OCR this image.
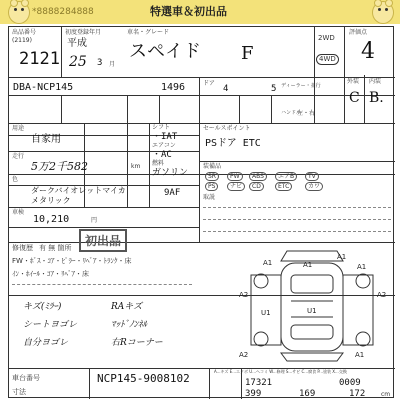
*8888284888	特選車＆初出品
出品番号
(2119)
2121
初度登録年月	車名・グレード
平成
25 3 月
スペイド F
2WD
4WD
評価点
4
DBA-NCP145	1496	ドア
4	5 ディーラー・並行
ハンドル
左・右
外装 内装
C B.
用途
自家用
シフト
・IAT
エアコン
・AC
走行
5万2千582	km 燃料
ガソリン
色
ダークバイオレットマイカ
メタリック
9AF
車検
10,210	円
セールスポイント
PSドア ETC
装備品
SR	PW	ABS	エアB	TV
PS	ナビ	CD	ETC	カワ
取説
初出品
修復歴 有 無 箇所
FW・ﾎﾞｽ・ｺｱ・ﾋﾟﾗｰ・ﾘﾍﾞｱ・ﾄﾗﾝｸ・床
ｲﾝ・ﾎｲｰﾙ・ｺｱ・ﾘﾍﾞｱ・床
キズ(ﾐﾗｰ)
シートヨゴレ
自分ヨゴレ
RAキズ
ﾏｯﾄﾞﾉﾝﾈﾙ
右Rコーナー
A1
A1
A1	A1
A2	A2
U1
U1
A2	A1
車台番号	NCP145-9008102
寸法
A...キズ E...エクボ U...ヘコミ W...修理 S...サビ C...腐食 P...塗装 X...交換
17321	0009
399	169	172	cm
